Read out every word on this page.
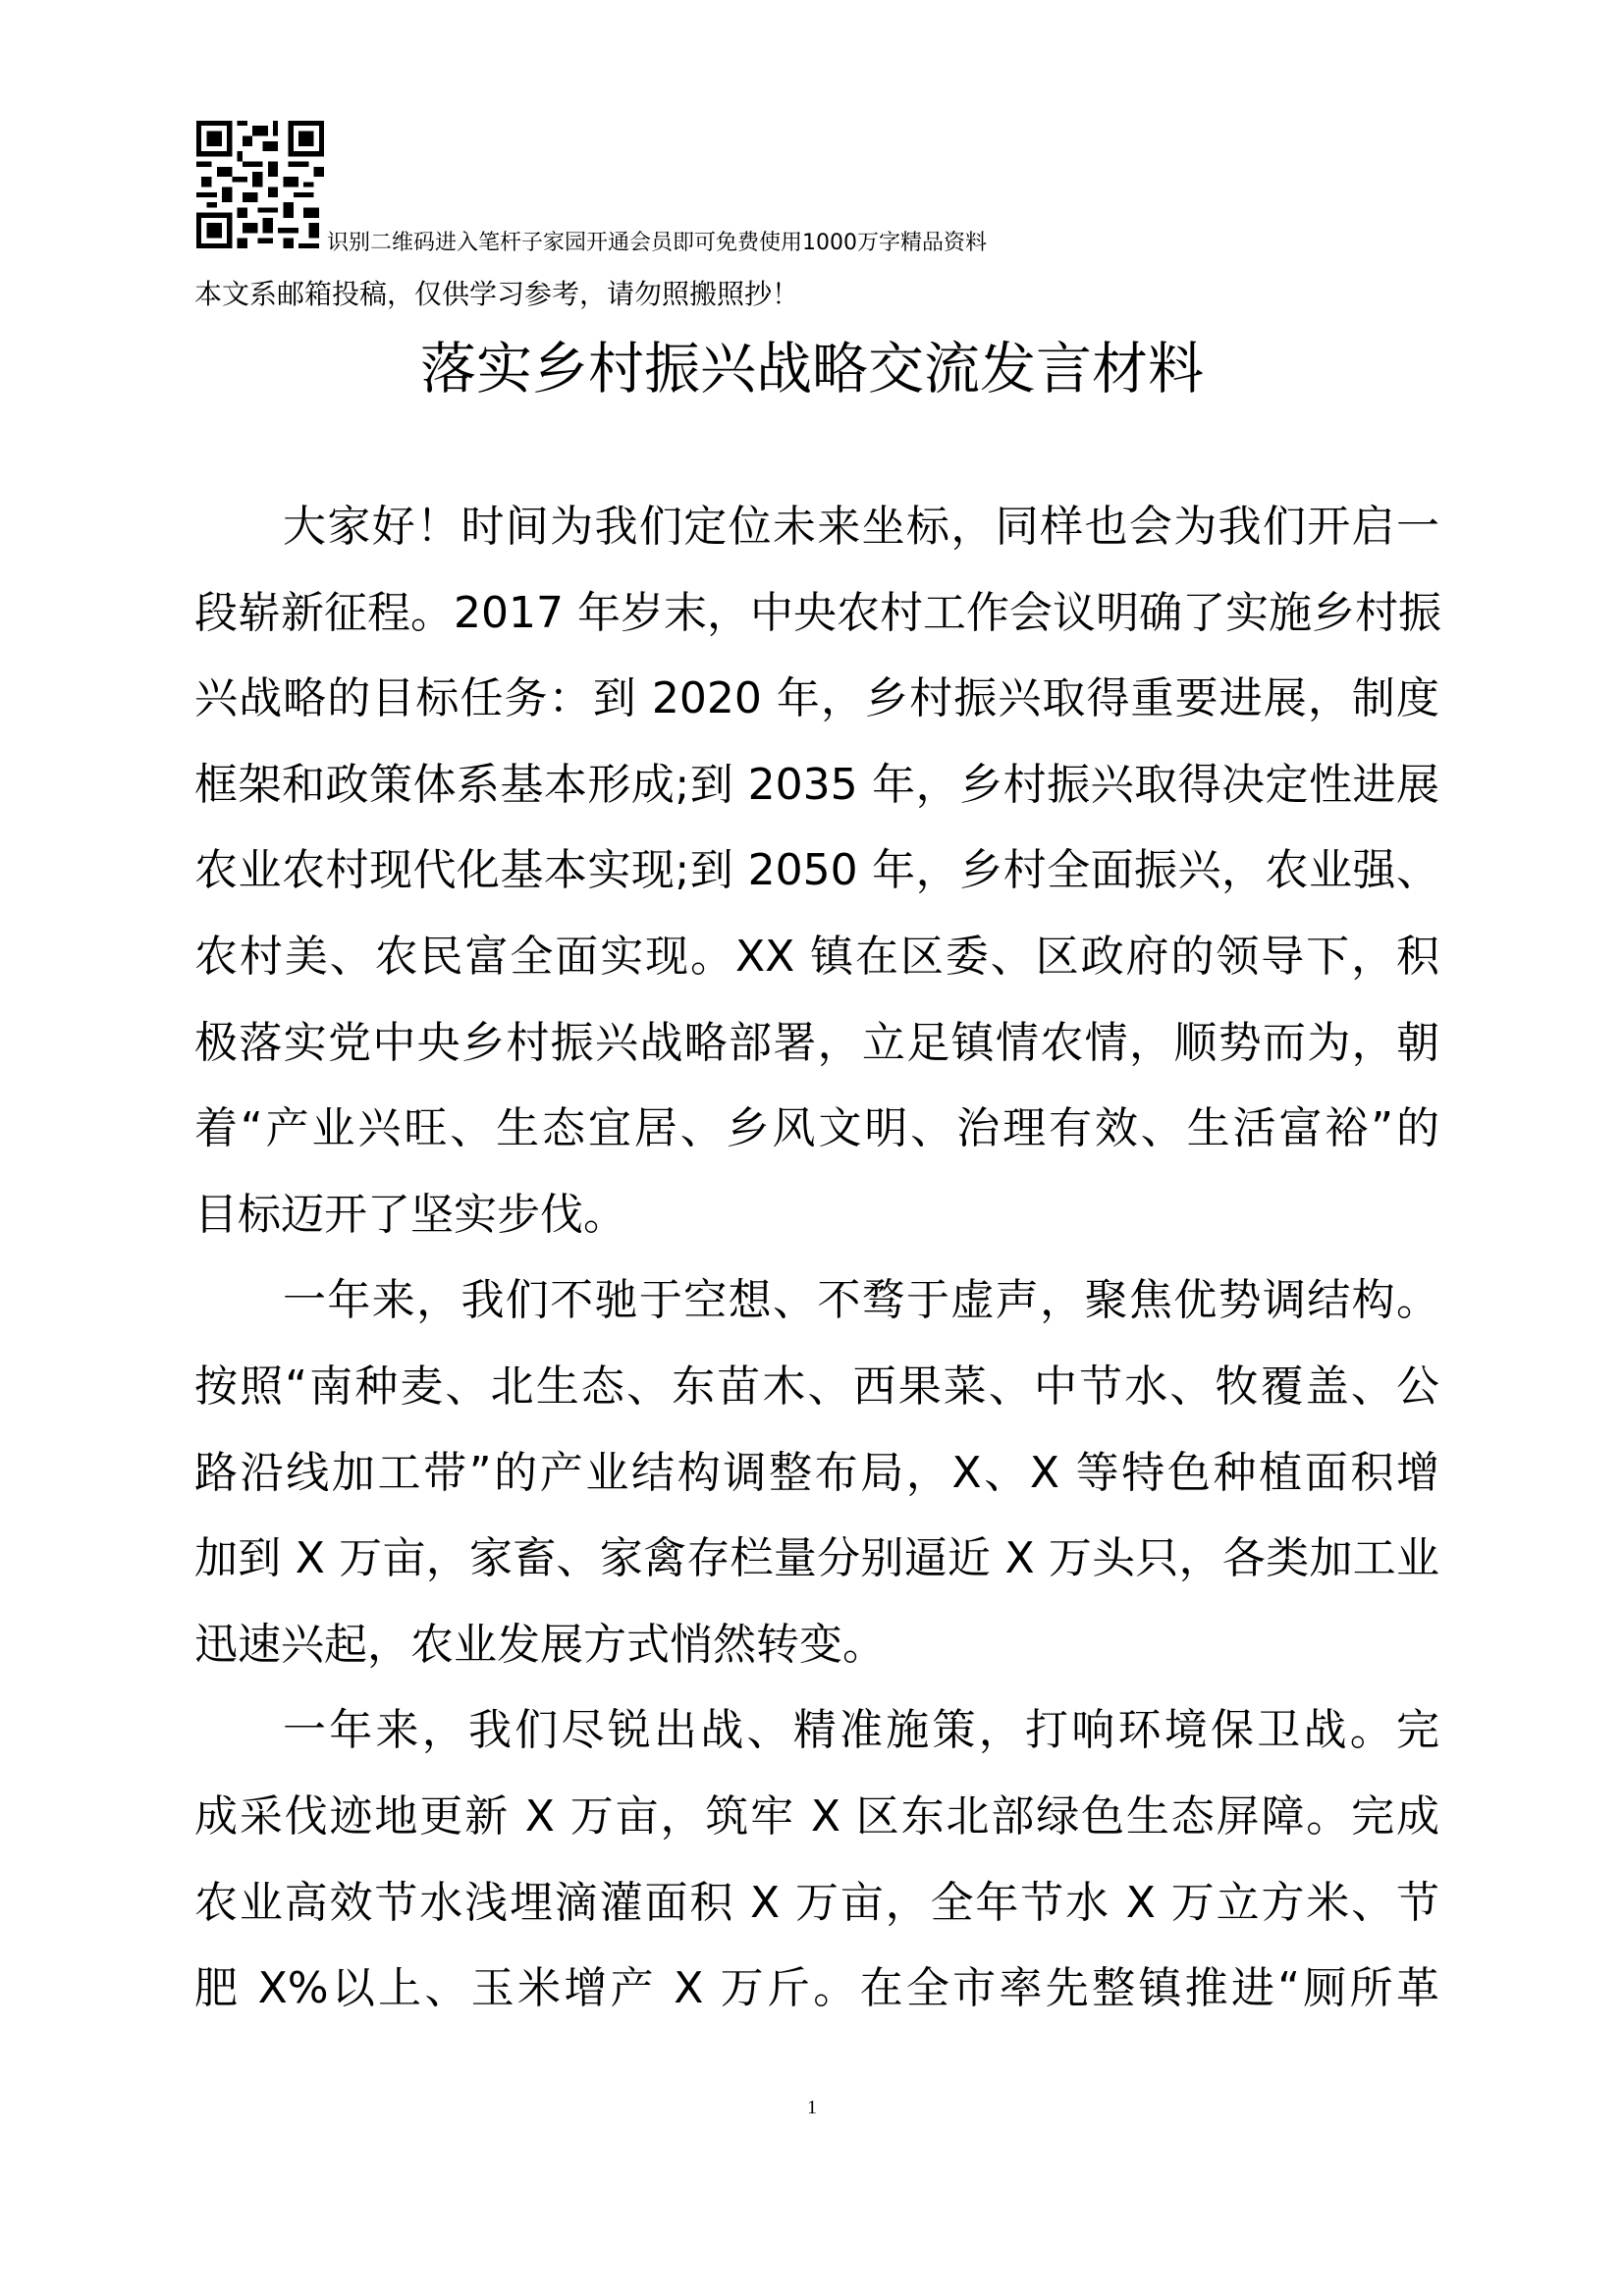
识别二维码进入笔杆子家园开通会员即可免费使用1000万字精品资料
本文系邮箱投稿，仅供学习参考，请勿照搬照抄！
落实乡村振兴战略交流发言材料
大家好！时间为我们定位未来坐标，同样也会为我们开启一
段崭新征程。2017 年岁末，中央农村工作会议明确了实施乡村振
兴战略的目标任务：到 2020 年，乡村振兴取得重要进展，制度
框架和政策体系基本形成;到 2035 年，乡村振兴取得决定性进展
农业农村现代化基本实现;到 2050 年，乡村全面振兴，农业强、
农村美、农民富全面实现。XX 镇在区委、区政府的领导下，积
极落实党中央乡村振兴战略部署，立足镇情农情，顺势而为，朝
着“产业兴旺、生态宜居、乡风文明、治理有效、生活富裕”的
目标迈开了坚实步伐。
一年来，我们不驰于空想、不骛于虚声，聚焦优势调结构。
按照“南种麦、北生态、东苗木、西果菜、中节水、牧覆盖、公
路沿线加工带”的产业结构调整布局，X、X 等特色种植面积增
加到 X 万亩，家畜、家禽存栏量分别逼近 X 万头只，各类加工业
迅速兴起，农业发展方式悄然转变。
一年来，我们尽锐出战、精准施策，打响环境保卫战。完
成采伐迹地更新 X 万亩，筑牢 X 区东北部绿色生态屏障。完成
农业高效节水浅埋滴灌面积 X 万亩，全年节水 X 万立方米、节
肥 X%以上、玉米增产 X 万斤。在全市率先整镇推进“厕所革
1
